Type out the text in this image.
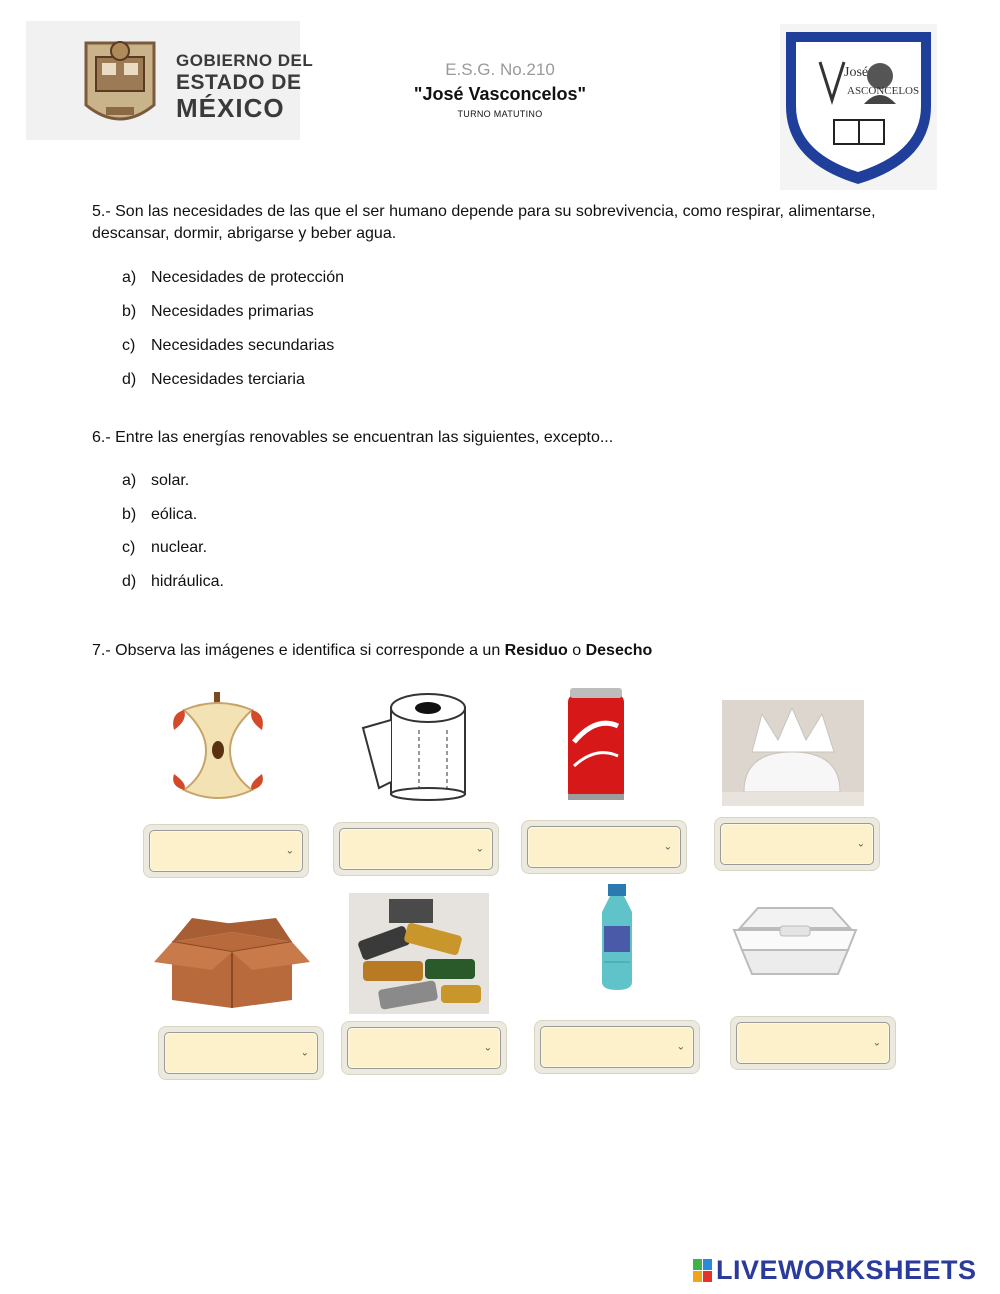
GOBIERNO DEL
ESTADO DE
MÉXICO
E.S.G. No.210
"José Vasconcelos"
TURNO MATUTINO
ASCONCELOS
José
5.- Son las necesidades de las que el ser humano depende para su sobrevivencia, como respirar, alimentarse, descansar, dormir, abrigarse y beber agua.
a) Necesidades de protección
b) Necesidades primarias
c) Necesidades secundarias
d) Necesidades terciaria
6.- Entre las energías renovables se encuentran las siguientes, excepto...
a) solar.
b) eólica.
c) nuclear.
d) hidráulica.
7.- Observa las imágenes e identifica si corresponde a un Residuo o Desecho
⌄	⌄	⌄	⌄
⌄	⌄	⌄	⌄
LIVEWORKSHEETS
